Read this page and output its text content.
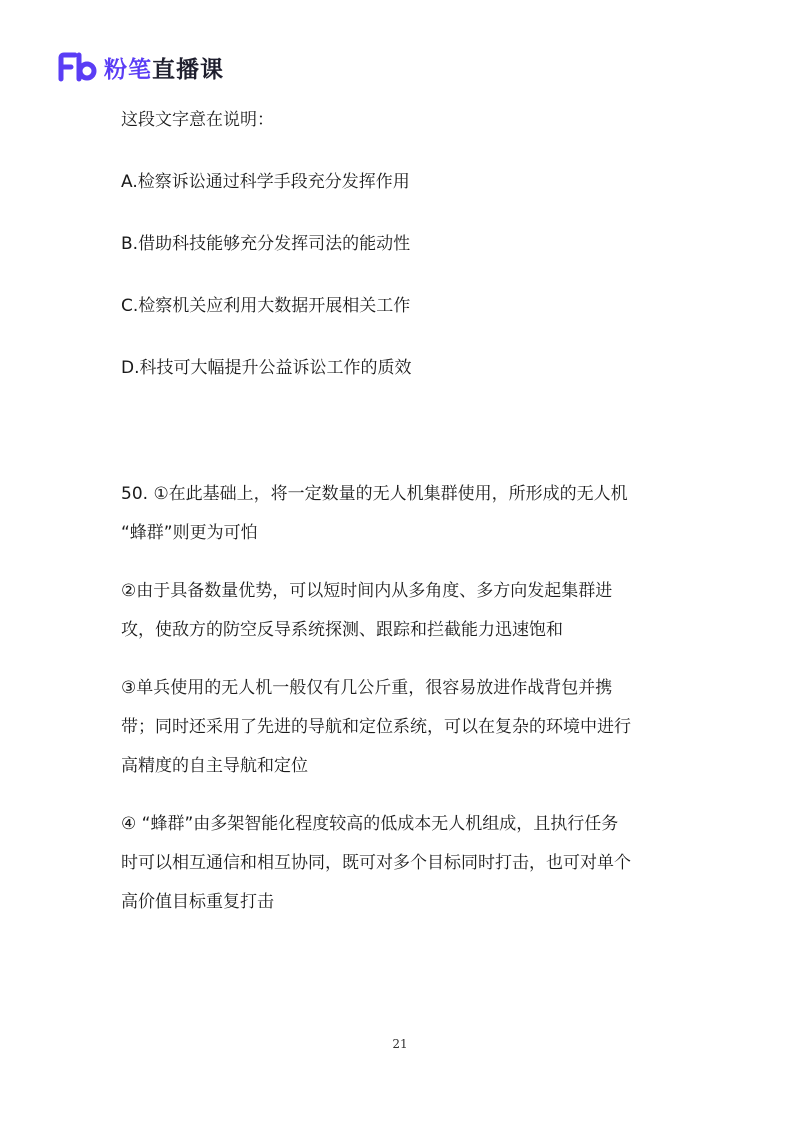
粉笔直播课

这段文字意在说明：

A.检察诉讼通过科学手段充分发挥作用

B.借助科技能够充分发挥司法的能动性

C.检察机关应利用大数据开展相关工作

D.科技可大幅提升公益诉讼工作的质效

50. ①在此基础上，将一定数量的无人机集群使用，所形成的无人机

“蜂群”则更为可怕

②由于具备数量优势，可以短时间内从多角度、多方向发起集群进

攻，使敌方的防空反导系统探测、跟踪和拦截能力迅速饱和

③单兵使用的无人机一般仅有几公斤重，很容易放进作战背包并携

带；同时还采用了先进的导航和定位系统，可以在复杂的环境中进行

高精度的自主导航和定位

④ “蜂群”由多架智能化程度较高的低成本无人机组成，且执行任务

时可以相互通信和相互协同，既可对多个目标同时打击，也可对单个

高价值目标重复打击

21
